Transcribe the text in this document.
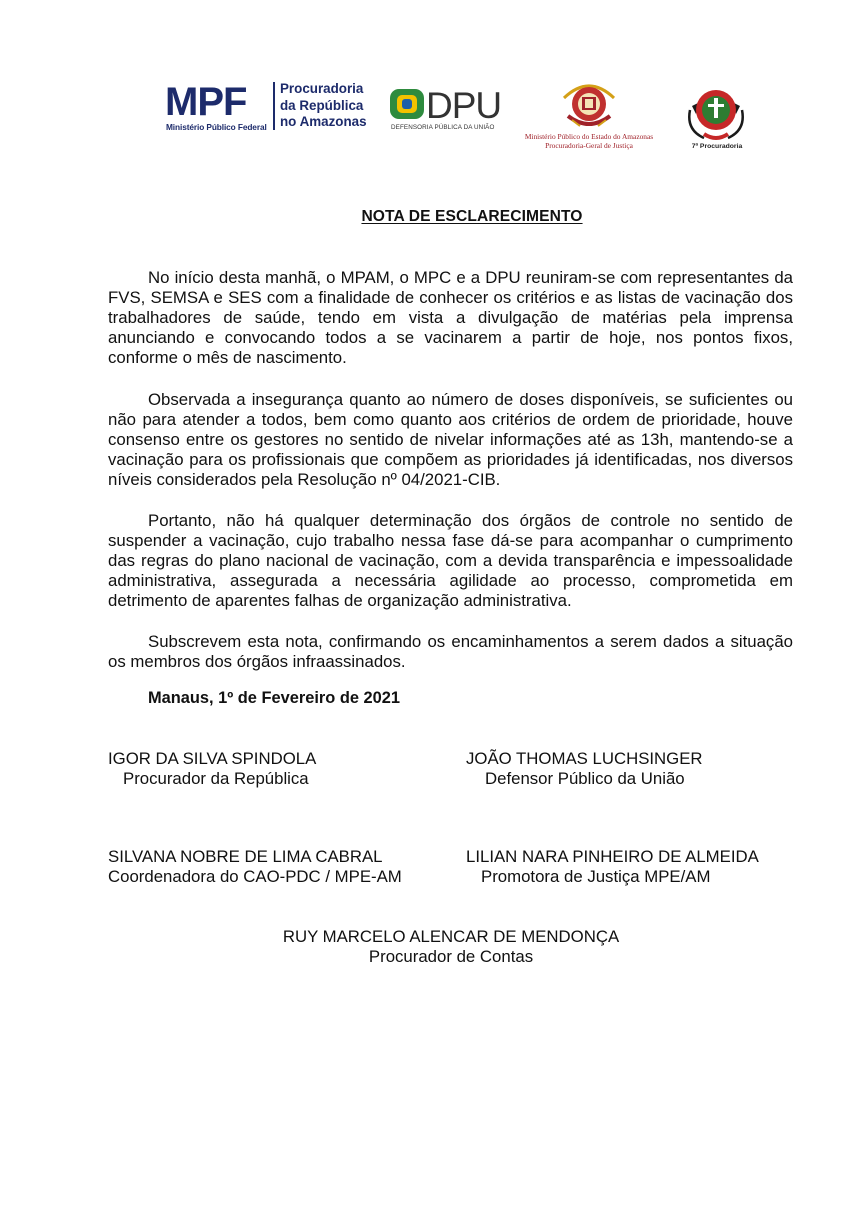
MPF
Ministério Público Federal
Procuradoria
da República
no Amazonas DPU
DEFENSORIA PÚBLICA DA UNIÃO
Ministério Público do Estado do Amazonas
Procuradoria-Geral de Justiça	7ª Procuradoria
NOTA DE ESCLARECIMENTO

No início desta manhã, o MPAM, o MPC e a DPU reuniram-se com representantes da FVS, SEMSA e SES com a finalidade de conhecer os critérios e as listas de vacinação dos trabalhadores de saúde, tendo em vista a divulgação de matérias pela imprensa anunciando e convocando todos a se vacinarem a partir de hoje, nos pontos fixos, conforme o mês de nascimento.

Observada a insegurança quanto ao número de doses disponíveis, se suficientes ou não para atender a todos, bem como quanto aos critérios de ordem de prioridade, houve consenso entre os gestores no sentido de nivelar informações até as 13h, mantendo-se a vacinação para os profissionais que compõem as prioridades já identificadas, nos diversos níveis considerados pela Resolução nº 04/2021-CIB.

Portanto, não há qualquer determinação dos órgãos de controle no sentido de suspender a vacinação, cujo trabalho nessa fase dá-se para acompanhar o cumprimento das regras do plano nacional de vacinação, com a devida transparência e impessoalidade administrativa, assegurada a necessária agilidade ao processo, comprometida em detrimento de aparentes falhas de organização administrativa.

Subscrevem esta nota, confirmando os encaminhamentos a serem dados a situação os membros dos órgãos infraassinados.

Manaus, 1º de Fevereiro de 2021
IGOR DA SILVA SPINDOLA
Procurador da República
JOÃO THOMAS LUCHSINGER
Defensor Público da União
SILVANA NOBRE DE LIMA CABRAL
Coordenadora do CAO-PDC / MPE-AM
LILIAN NARA PINHEIRO DE ALMEIDA
Promotora de Justiça MPE/AM
RUY MARCELO ALENCAR DE MENDONÇA
Procurador de Contas
